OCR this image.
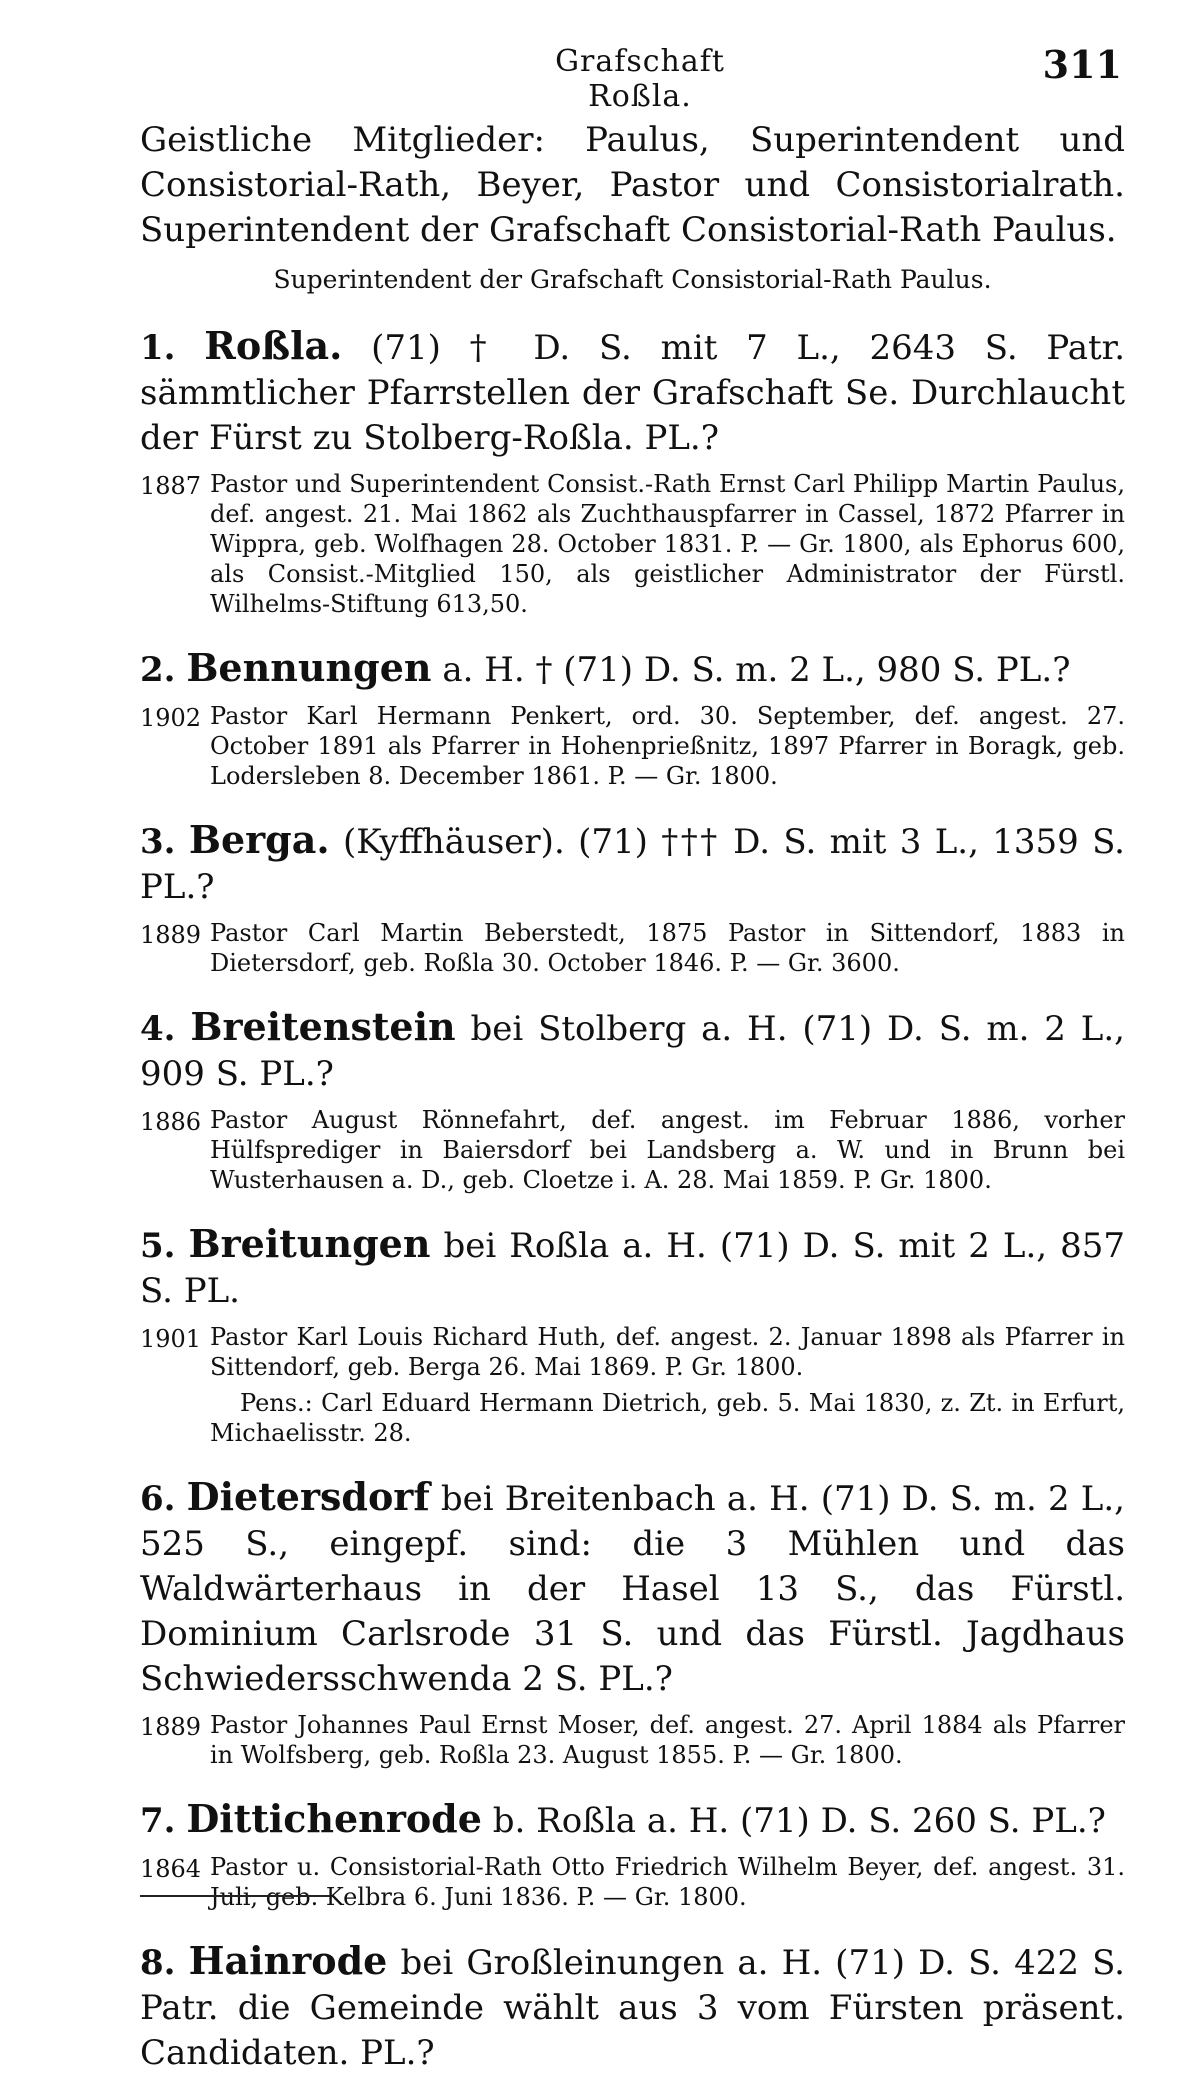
Grafschaft Roßla.
311

Geistliche Mitglieder: Paulus, Superintendent und Consistorial-Rath, Beyer, Pastor und Consistorialrath. Superintendent der Grafschaft Consistorial-Rath Paulus.

Superintendent der Grafschaft Consistorial-Rath Paulus.

1. Roßla. (71) † D. S. mit 7 L., 2643 S. Patr. sämmtlicher Pfarrstellen der Grafschaft Se. Durchlaucht der Fürst zu Stolberg-Roßla. PL.?

1887 Pastor und Superintendent Consist.-Rath Ernst Carl Philipp Martin Paulus, def. angest. 21. Mai 1862 als Zuchthauspfarrer in Cassel, 1872 Pfarrer in Wippra, geb. Wolfhagen 28. October 1831. P. — Gr. 1800, als Ephorus 600, als Consist.-Mitglied 150, als geistlicher Administrator der Fürstl. Wilhelms-Stiftung 613,50.

2. Bennungen a. H. † (71) D. S. m. 2 L., 980 S. PL.?

1902 Pastor Karl Hermann Penkert, ord. 30. September, def. angest. 27. October 1891 als Pfarrer in Hohenprießnitz, 1897 Pfarrer in Boragk, geb. Lodersleben 8. December 1861. P. — Gr. 1800.

3. Berga. (Kyffhäuser). (71) ††† D. S. mit 3 L., 1359 S. PL.?

1889 Pastor Carl Martin Beberstedt, 1875 Pastor in Sittendorf, 1883 in Dietersdorf, geb. Roßla 30. October 1846. P. — Gr. 3600.

4. Breitenstein bei Stolberg a. H. (71) D. S. m. 2 L., 909 S. PL.?

1886 Pastor August Rönnefahrt, def. angest. im Februar 1886, vorher Hülfsprediger in Baiersdorf bei Landsberg a. W. und in Brunn bei Wusterhausen a. D., geb. Cloetze i. A. 28. Mai 1859. P. Gr. 1800.

5. Breitungen bei Roßla a. H. (71) D. S. mit 2 L., 857 S. PL.

1901 Pastor Karl Louis Richard Huth, def. angest. 2. Januar 1898 als Pfarrer in Sittendorf, geb. Berga 26. Mai 1869. P. Gr. 1800.

Pens.: Carl Eduard Hermann Dietrich, geb. 5. Mai 1830, z. Zt. in Erfurt, Michaelisstr. 28.

6. Dietersdorf bei Breitenbach a. H. (71) D. S. m. 2 L., 525 S., eingepf. sind: die 3 Mühlen und das Waldwärterhaus in der Hasel 13 S., das Fürstl. Dominium Carlsrode 31 S. und das Fürstl. Jagdhaus Schwiedersschwenda 2 S. PL.?

1889 Pastor Johannes Paul Ernst Moser, def. angest. 27. April 1884 als Pfarrer in Wolfsberg, geb. Roßla 23. August 1855. P. — Gr. 1800.

7. Dittichenrode b. Roßla a. H. (71) D. S. 260 S. PL.?

1864 Pastor u. Consistorial-Rath Otto Friedrich Wilhelm Beyer, def. angest. 31. Juli, geb. Kelbra 6. Juni 1836. P. — Gr. 1800.

8. Hainrode bei Großleinungen a. H. (71) D. S. 422 S. Patr. die Gemeinde wählt aus 3 vom Fürsten präsent. Candidaten. PL.?
